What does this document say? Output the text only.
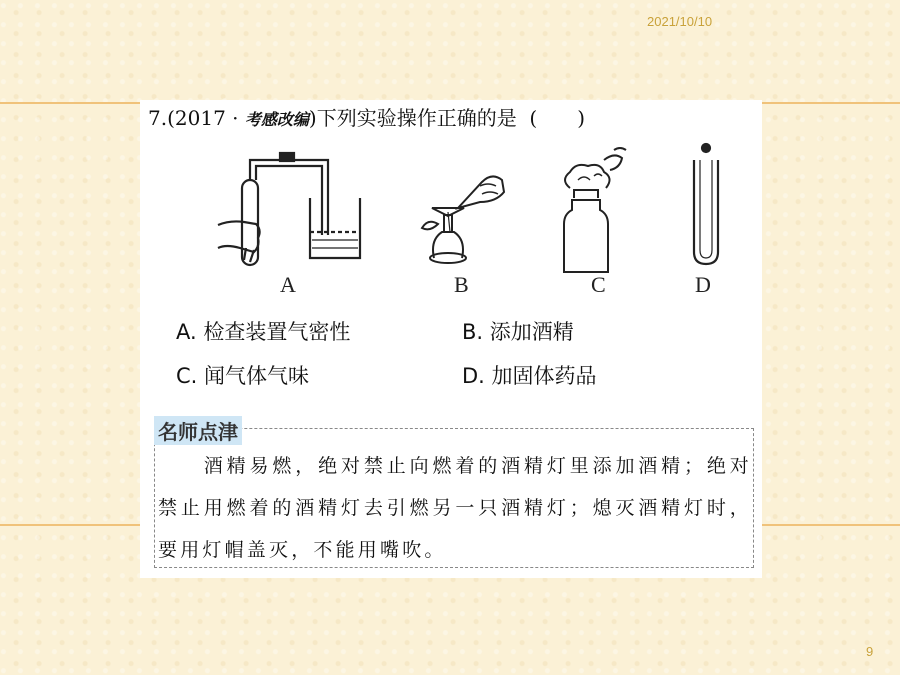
2021/10/10
7.(2017 · 考感改编)下列实验操作正确的是 (　　)
A	B	C	D
A. 检查装置气密性	B. 添加酒精
C. 闻气体气味	D. 加固体药品
名师点津
　　酒精易燃，绝对禁止向燃着的酒精灯里添加酒精；绝对禁止用燃着的酒精灯去引燃另一只酒精灯；熄灭酒精灯时，要用灯帽盖灭，不能用嘴吹。
9
